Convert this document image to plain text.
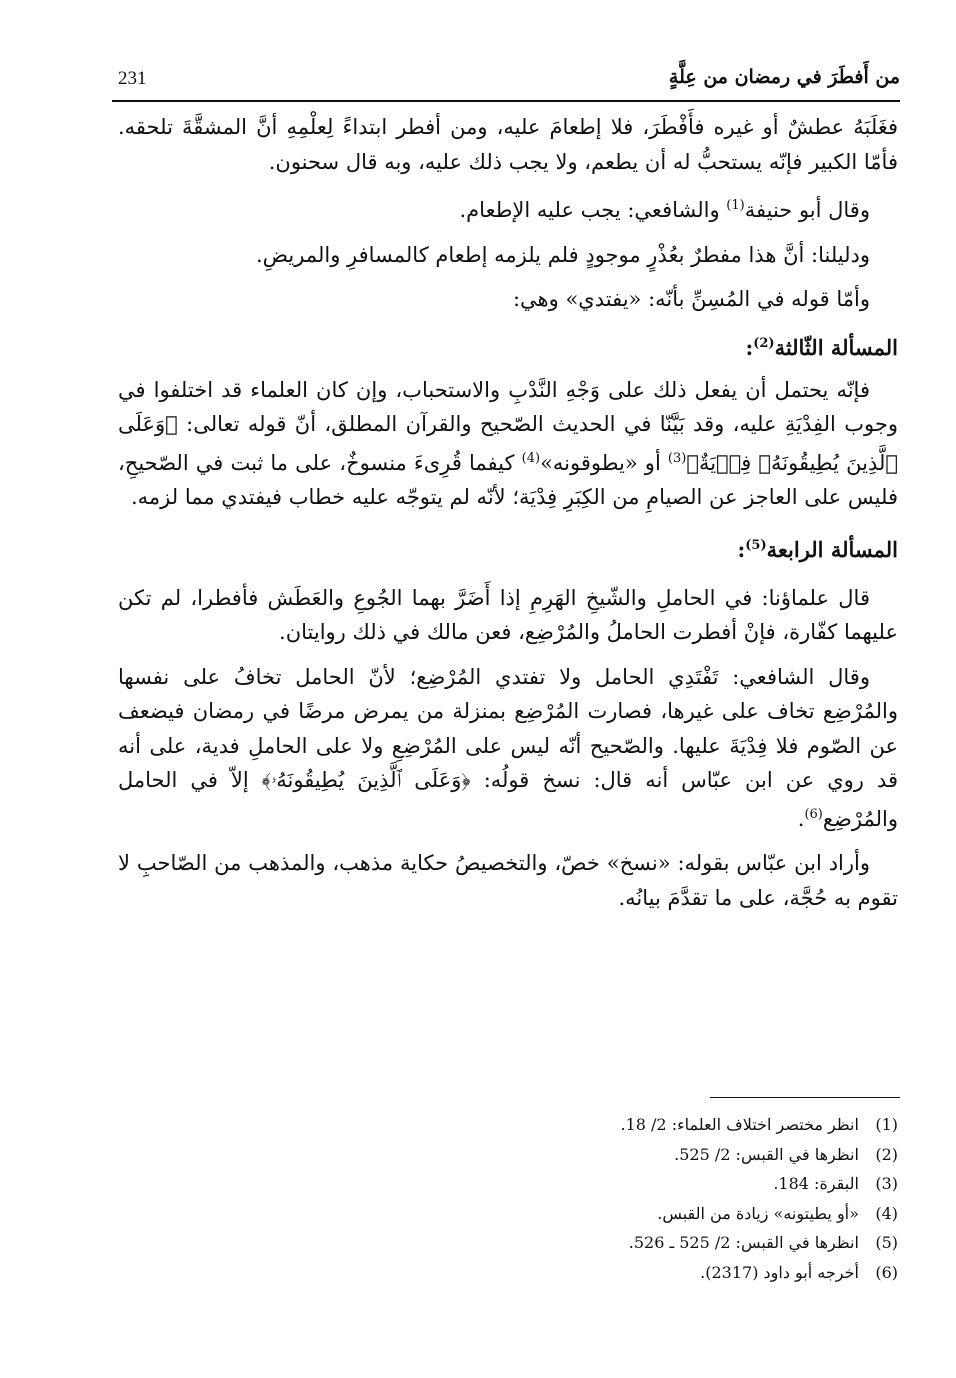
من أَفطَرَ في رمضان من عِلَّةٍ
231

فغَلَبَهُ عطشٌ أو غيره فأَفْطَرَ، فلا إطعامَ عليه، ومن أفطر ابتداءً لِعلْمِهِ أنَّ المشقَّةَ تلحقه. فأمّا الكبير فإنّه يستحبُّ له أن يطعم، ولا يجب ذلك عليه، وبه قال سحنون.

وقال أبو حنيفة$^{(1)}$ والشافعي: يجب عليه الإطعام.

ودليلنا: أنَّ هذا مفطرٌ بعُذْرٍ موجودٍ فلم يلزمه إطعام كالمسافرِ والمريضِ.

وأمّا قوله في المُسِنِّ بأنّه: «يفتدي» وهي:

المسألة الثّالثة$^{(2)}$:

فإنّه يحتمل أن يفعل ذلك على وَجْهِ النَّدْبِ والاستحباب، وإن كان العلماء قد اختلفوا في وجوب الفِدْيَةِ عليه، وقد بَيَّنّا في الحديث الصّحيح والقرآن المطلق، أنّ قوله تعالى: ﴿وَعَلَى ٱلَّذِينَ يُطِيقُونَهُۥ فِدۡيَةٌ﴾$^{(3)}$ أو «يطوقونه»$^{(4)}$ كيفما قُرِىءَ منسوخٌ، على ما ثبت في الصّحيحِ، فليس على العاجز عن الصيامِ من الكِبَرِ فِدْيَة؛ لأنّه لم يتوجّه عليه خطاب فيفتدي مما لزمه.

المسألة الرابعة$^{(5)}$:

قال علماؤنا: في الحاملِ والشّيخِ الهَرِمِ إذا أَضَرَّ بهما الجُوعِ والعَطَش فأفطرا، لم تكن عليهما كفّارة، فإنْ أفطرت الحاملُ والمُرْضِع، فعن مالك في ذلك روايتان.

وقال الشافعي: تَفْتَدِي الحامل ولا تفتدي المُرْضِع؛ لأنّ الحامل تخافُ على نفسها والمُرْضِع تخاف على غيرها، فصارت المُرْضِع بمنزلة من يمرض مرضًا في رمضان فيضعف عن الصّوم فلا فِدْيَةَ عليها. والصّحيح أنّه ليس على المُرْضِعِ ولا على الحاملِ فدية، على أنه قد روي عن ابن عبّاس أنه قال: نسخ قولُه: ﴿وَعَلَى ٱلَّذِينَ يُطِيقُونَهُۥ﴾ إلاّ في الحامل والمُرْضِع$^{(6)}$.

وأراد ابن عبّاس بقوله: «نسخ» خصّ، والتخصيصُ حكاية مذهب، والمذهب من الصّاحبِ لا تقوم به حُجَّة، على ما تقدَّمَ بيانُه.

(1) انظر مختصر اختلاف العلماء: 2/ 18.
(2) انظرها في القبس: 2/ 525.
(3) البقرة: 184.
(4) «أو يطيتونه» زيادة من القبس.
(5) انظرها في القبس: 2/ 525 ـ 526.
(6) أخرجه أبو داود (2317).
